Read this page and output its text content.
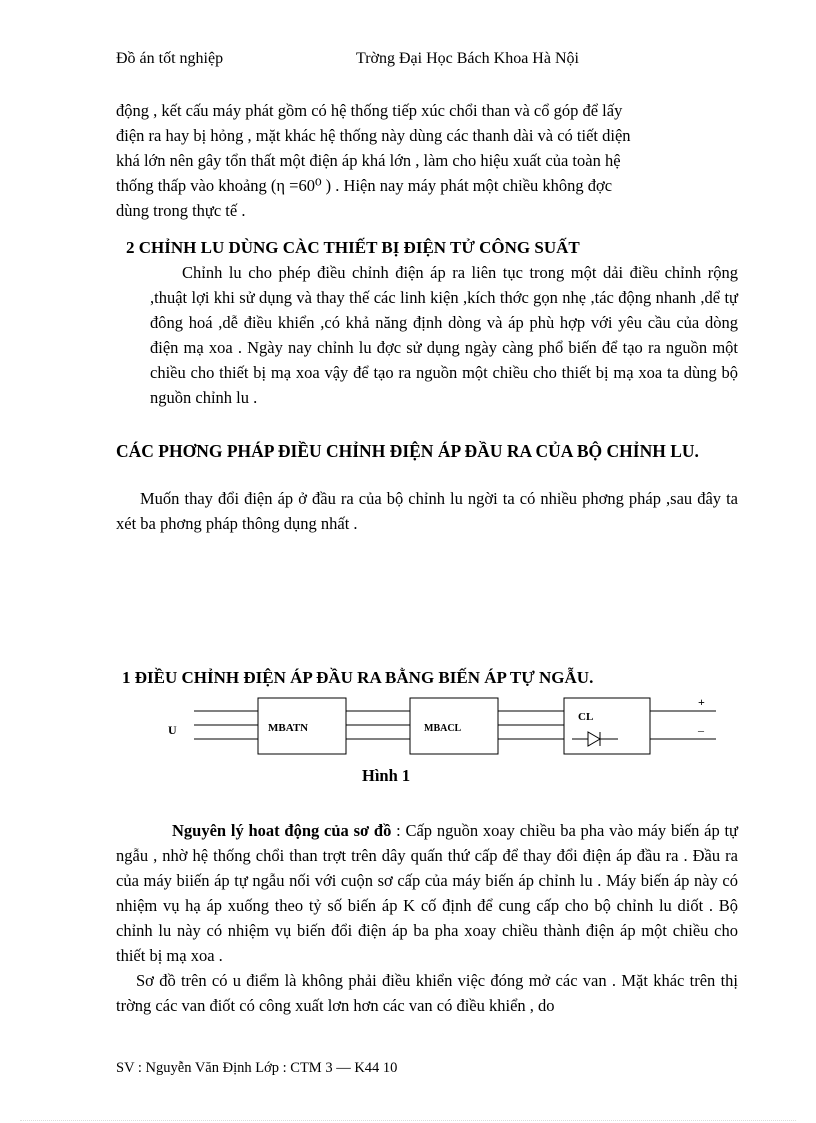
Đồ án tốt nghiệp	Trờng Đại Học Bách Khoa Hà Nội

động , kết cấu máy phát gồm có hệ thống tiếp xúc chổi than và cổ góp để lấy

điện ra hay bị hỏng , mặt khác hệ thống này dùng các thanh dài và có tiết diện

khá lớn nên gây tổn thất một điện áp khá lớn , làm cho hiệu xuất của toàn hệ

thống thấp vào khoảng (η =60⁰ ) . Hiện nay máy phát một chiều không đợc

dùng trong thực tế .

2 CHỈNH LU DÙNG CÀC THIẾT BỊ ĐIỆN TỬ CÔNG SUẤT

Chỉnh lu cho phép điều chỉnh điện áp ra liên tục trong một dải điều chỉnh rộng ,thuật lợi khi sử dụng và thay thế các linh kiện ,kích thớc gọn nhẹ ,tác động nhanh ,dể tự đông hoá ,dễ điều khiển ,có khả năng định dòng và áp phù hợp với yêu cầu của dòng điện mạ xoa . Ngày nay chỉnh lu đợc sử dụng ngày càng phổ biến để tạo ra nguồn một chiều cho thiết bị mạ xoa vậy để tạo ra nguồn một chiều cho thiết bị mạ xoa ta dùng bộ nguồn chỉnh lu .

CÁC PHƠNG PHÁP ĐIỀU CHỈNH ĐIỆN ÁP ĐẦU RA CỦA BỘ CHỈNH LU.

Muốn thay đổi điện áp ở đầu ra của bộ chỉnh lu ngời ta có nhiều phơng pháp ,sau đây ta xét ba phơng pháp thông dụng nhất .

1 ĐIỀU CHỈNH ĐIỆN ÁP ĐẦU RA BẰNG BIẾN ÁP TỰ NGẪU.
U	MBATN	MBACL
CL
+
–
Hình 1

Nguyên lý hoat động của sơ đồ : Cấp nguồn xoay chiều ba pha vào máy biến áp tự ngẫu , nhờ hệ thống chổi than trợt trên dây quấn thứ cấp để thay đổi điện áp đầu ra . Đầu ra của máy biiến áp tự ngẫu nối với cuộn sơ cấp của máy biến áp chỉnh lu . Máy biến áp này có nhiệm vụ hạ áp xuống theo tỷ số biến áp K cố định để cung cấp cho bộ chỉnh lu diốt . Bộ chỉnh lu này có nhiệm vụ biến đổi điện áp ba pha xoay chiều thành điện áp một chiều cho thiết bị mạ xoa .

Sơ đồ trên có u điểm là không phải điều khiển việc đóng mở các van . Mặt khác trên thị trờng các van điốt có công xuất lơn hơn các van có điều khiển , do

SV : Nguyễn Văn Định Lớp : CTM 3 — K44 10
